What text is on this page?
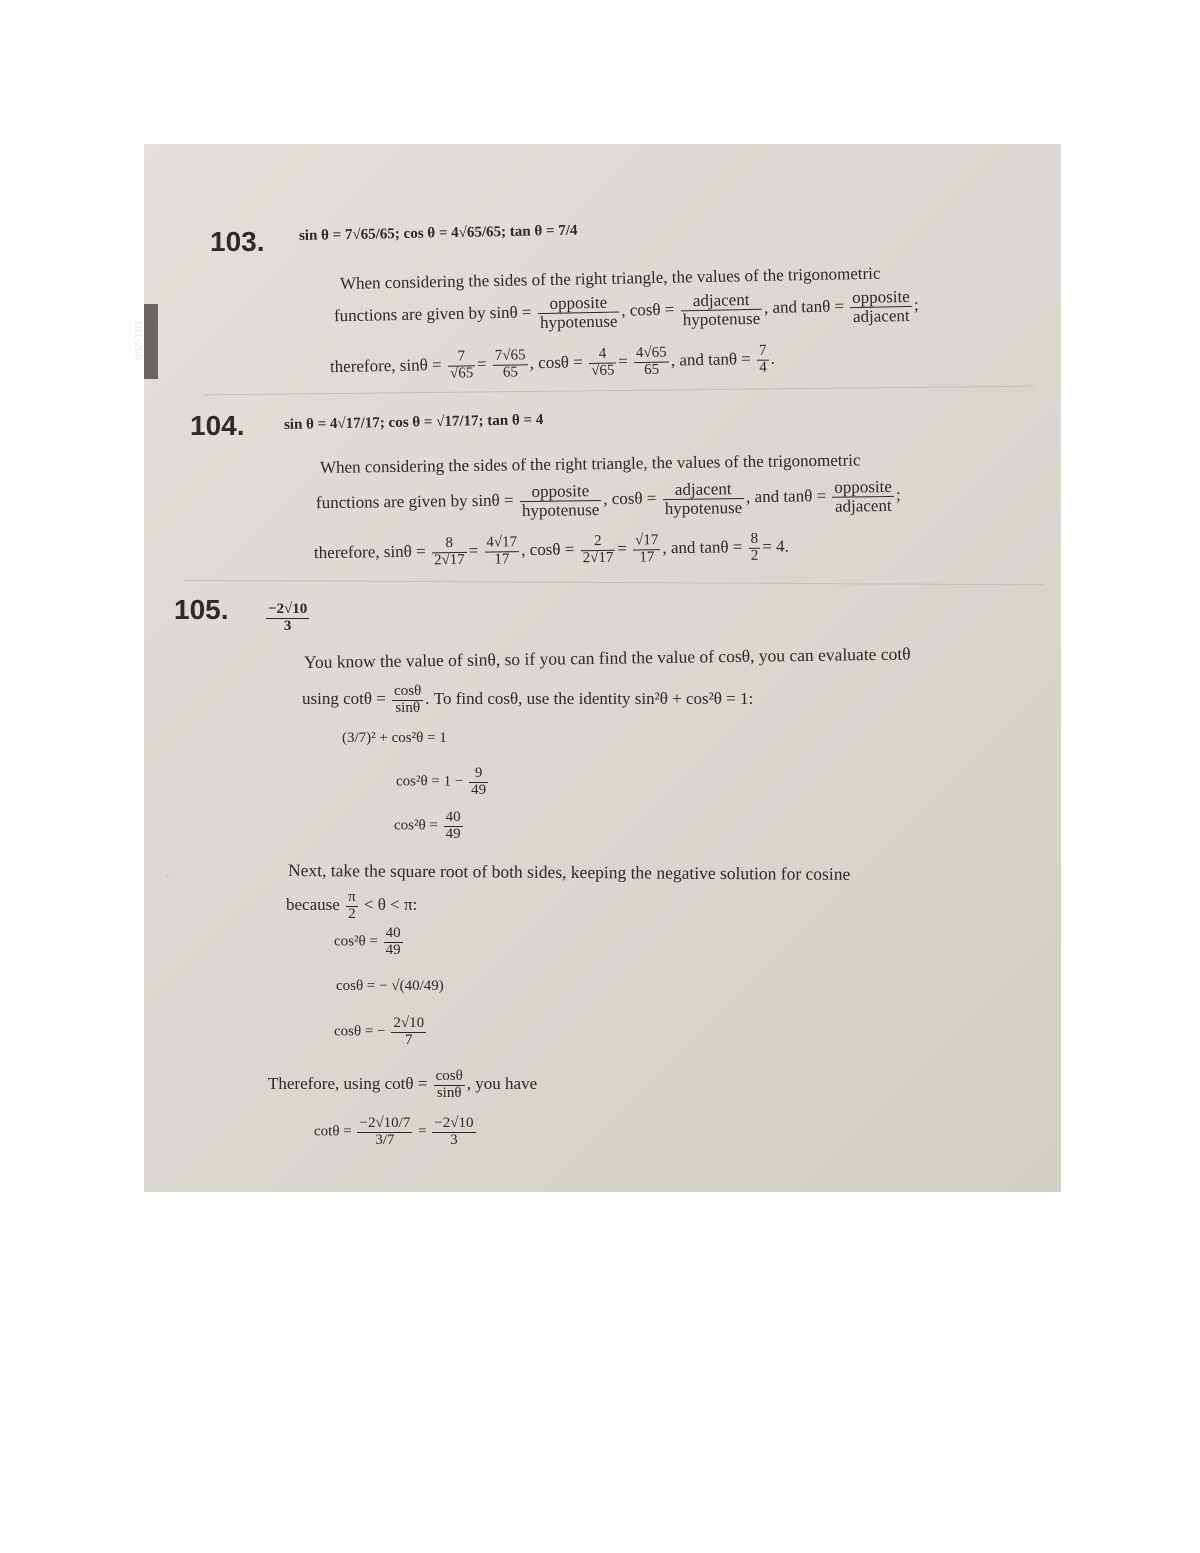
101-200
·
103. sin θ = 7√65/65; cos θ = 4√65/65; tan θ = 7/4
When considering the sides of the right triangle, the values of the trigonometric
functions are given by $\sin\theta = \frac{\text{opposite}}{\text{hypotenuse}}$ , $\cos\theta = \frac{\text{adjacent}}{\text{hypotenuse}}$ , and $\tan\theta = \frac{\text{opposite}}{\text{adjacent}}$ ;
therefore, $\sin\theta = \frac{7}{√65} = \frac{7√65}{65}$ , $\cos\theta = \frac{4}{√65} = \frac{4√65}{65}$ , and $\tan\theta = \frac{7}{4}$ .
104.	sin θ = 4√17/17; cos θ = √17/17; tan θ = 4
When considering the sides of the right triangle, the values of the trigonometric
functions are given by $\sin\theta = \frac{\text{opposite}}{\text{hypotenuse}}$ , $\cos\theta = \frac{\text{adjacent}}{\text{hypotenuse}}$ , and $\tan\theta = \frac{\text{opposite}}{\text{adjacent}}$ ;
therefore, $\sin\theta = \frac{8}{2√17} = \frac{4√17}{17}$ , $\cos\theta = \frac{2}{2√17} = \frac{√17}{17}$ , and $\tan\theta = \frac{8}{2} = 4$.
105.	$\frac{-2√10}{3}$
You know the value of sinθ, so if you can find the value of cosθ, you can evaluate cotθ
using $\cot\theta = \frac{\cos\theta}{\sin\theta}$ . To find cosθ, use the identity sin²θ + cos²θ = 1:
(3/7)² + cos²θ = 1
$\cos^2\theta = 1 - \frac{9}{49}$
$\cos^2\theta = \frac{40}{49}$
Next, take the square root of both sides, keeping the negative solution for cosine
because $\frac{\pi}{2} < \theta < \pi$:
$\cos^2\theta = \frac{40}{49}$
cosθ = − √(40/49)
cosθ = − $\frac{2√10}{7}$
Therefore, using $\cot\theta = \frac{\cos\theta}{\sin\theta}$ , you have
$\cot\theta = \frac{-2√10/7}{3/7} = \frac{-2√10}{3}$
